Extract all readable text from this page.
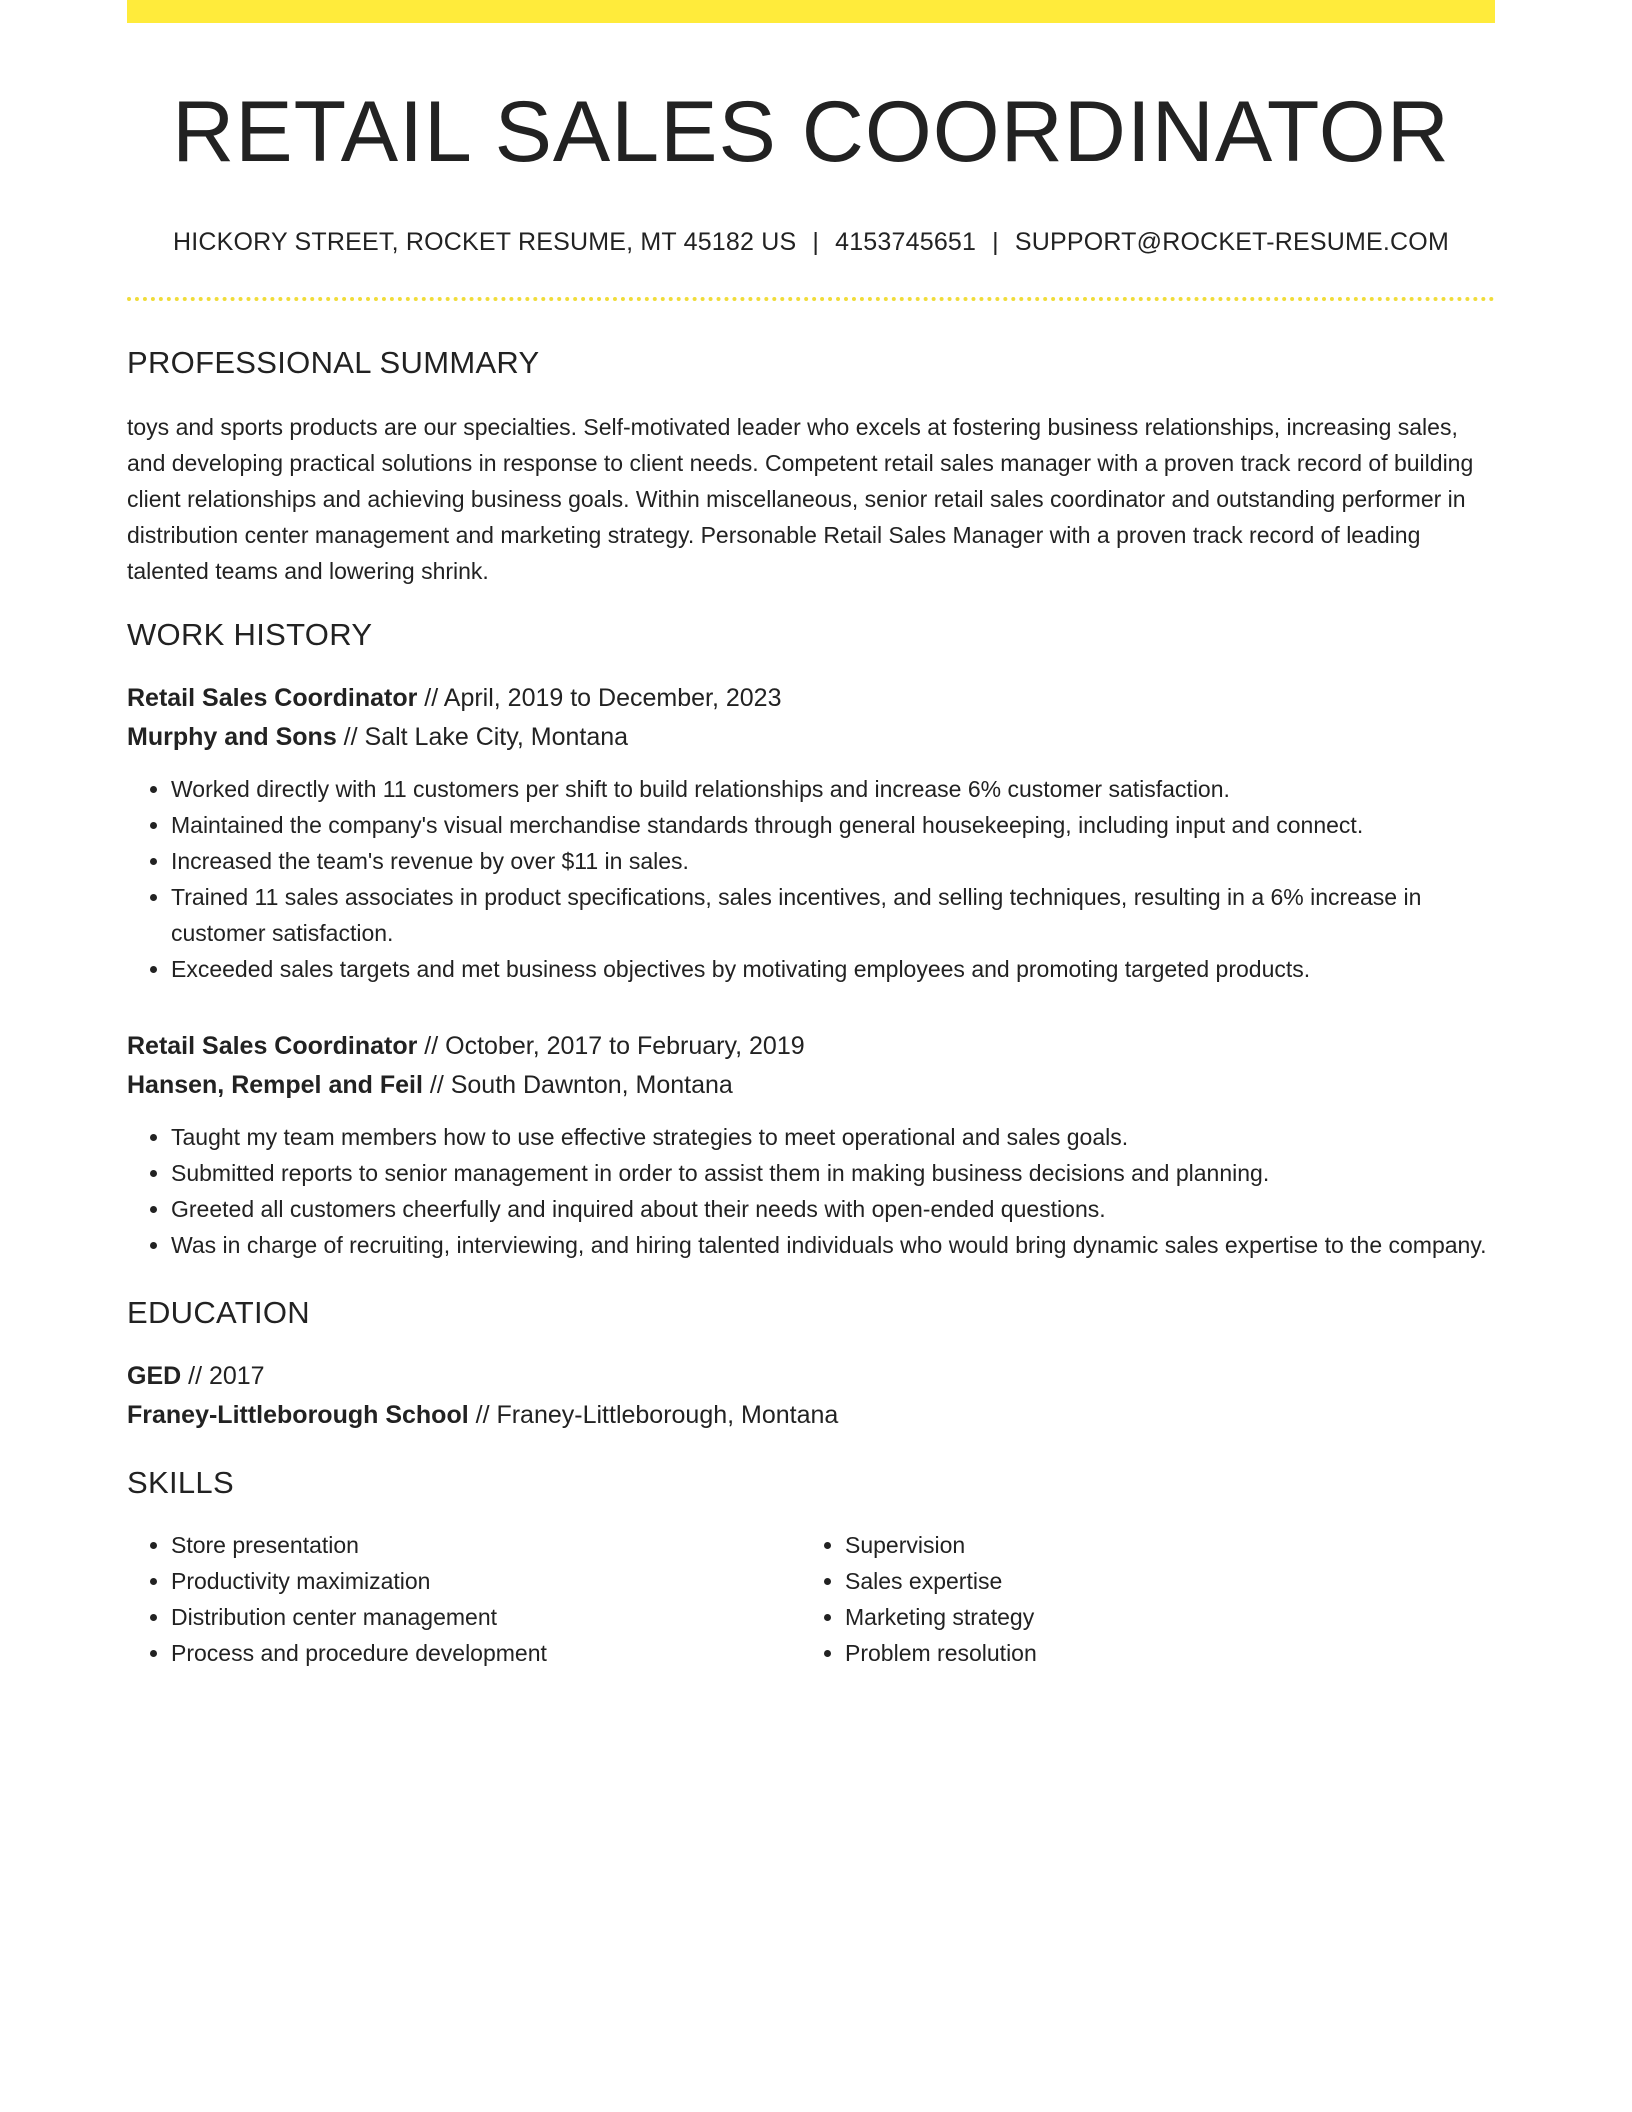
RETAIL SALES COORDINATOR
HICKORY STREET, ROCKET RESUME, MT 45182 US | 4153745651 | SUPPORT@ROCKET-RESUME.COM
PROFESSIONAL SUMMARY

toys and sports products are our specialties. Self-motivated leader who excels at fostering business relationships, increasing sales, and developing practical solutions in response to client needs. Competent retail sales manager with a proven track record of building client relationships and achieving business goals. Within miscellaneous, senior retail sales coordinator and outstanding performer in distribution center management and marketing strategy. Personable Retail Sales Manager with a proven track record of leading talented teams and lowering shrink.

WORK HISTORY
Retail Sales Coordinator // April, 2019 to December, 2023
Murphy and Sons // Salt Lake City, Montana
• Worked directly with 11 customers per shift to build relationships and increase 6% customer satisfaction.
• Maintained the company's visual merchandise standards through general housekeeping, including input and connect.
• Increased the team's revenue by over $11 in sales.
• Trained 11 sales associates in product specifications, sales incentives, and selling techniques, resulting in a 6% increase in customer satisfaction.
• Exceeded sales targets and met business objectives by motivating employees and promoting targeted products.
Retail Sales Coordinator // October, 2017 to February, 2019
Hansen, Rempel and Feil // South Dawnton, Montana
• Taught my team members how to use effective strategies to meet operational and sales goals.
• Submitted reports to senior management in order to assist them in making business decisions and planning.
• Greeted all customers cheerfully and inquired about their needs with open-ended questions.
• Was in charge of recruiting, interviewing, and hiring talented individuals who would bring dynamic sales expertise to the company.
EDUCATION
GED // 2017
Franey-Littleborough School // Franey-Littleborough, Montana
SKILLS
• Store presentation
• Productivity maximization
• Distribution center management
• Process and procedure development
• Supervision
• Sales expertise
• Marketing strategy
• Problem resolution
